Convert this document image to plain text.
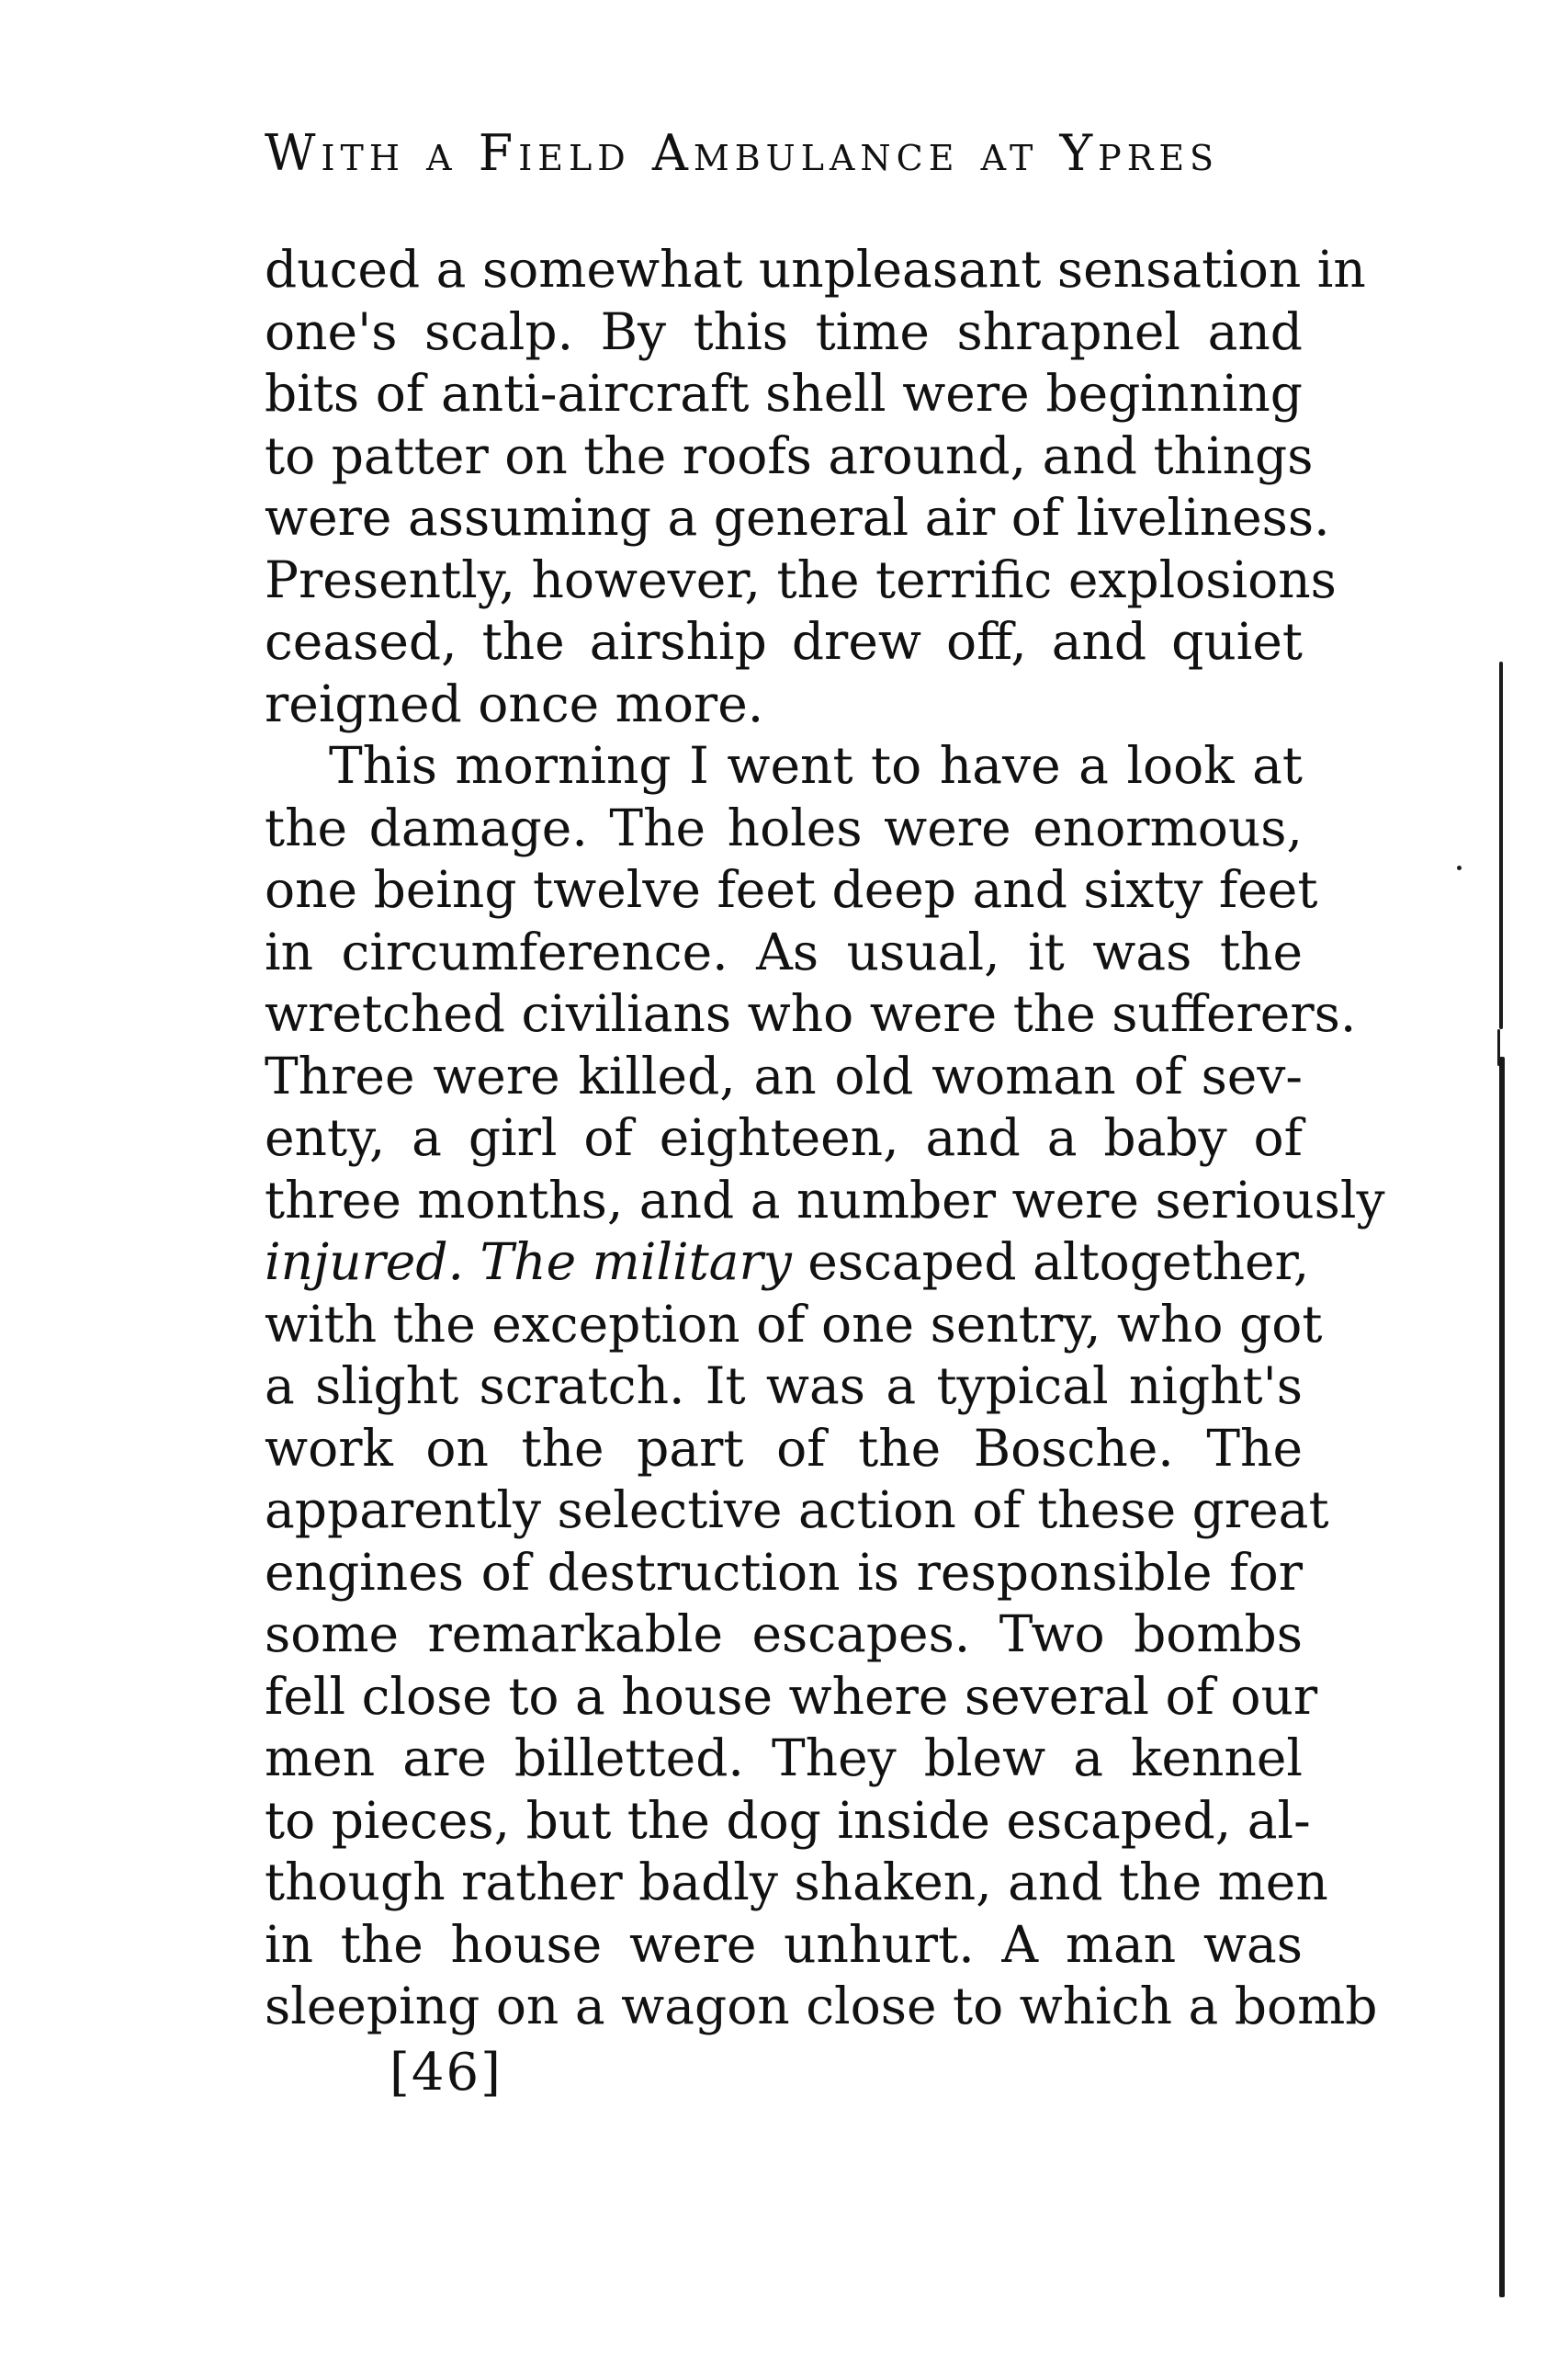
With a Field Ambulance at Ypres
duced a somewhat unpleasant sensation in
one's scalp. By this time shrapnel and
bits of anti-aircraft shell were beginning
to patter on the roofs around, and things
were assuming a general air of liveliness.
Presently, however, the terrific explosions
ceased, the airship drew off, and quiet
reigned once more.
This morning I went to have a look at
the damage. The holes were enormous,
one being twelve feet deep and sixty feet
in circumference. As usual, it was the
wretched civilians who were the sufferers.
Three were killed, an old woman of sev-
enty, a girl of eighteen, and a baby of
three months, and a number were seriously
injured. The military escaped altogether,
with the exception of one sentry, who got
a slight scratch. It was a typical night's
work on the part of the Bosche. The
apparently selective action of these great
engines of destruction is responsible for
some remarkable escapes. Two bombs
fell close to a house where several of our
men are billetted. They blew a kennel
to pieces, but the dog inside escaped, al-
though rather badly shaken, and the men
in the house were unhurt. A man was
sleeping on a wagon close to which a bomb
[46]
